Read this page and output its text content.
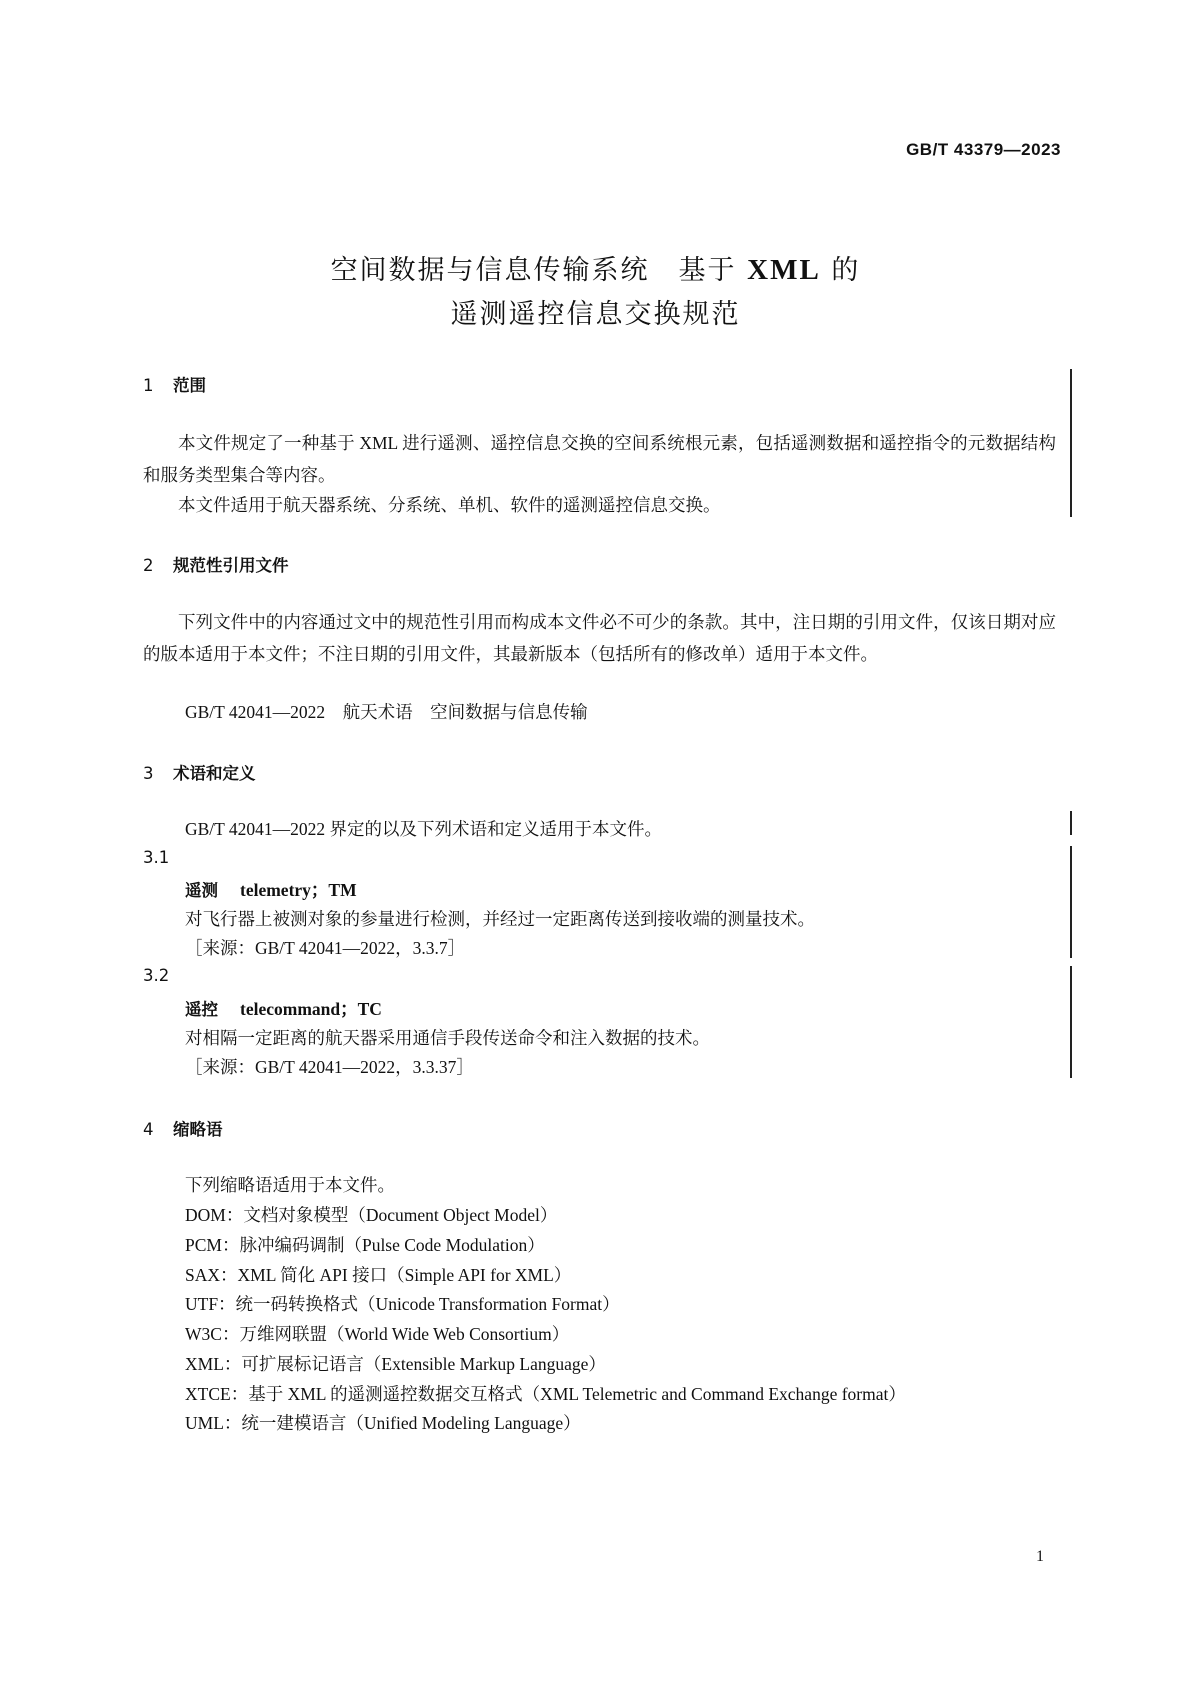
GB/T 43379—2023
空间数据与信息传输系统　基于 XML 的
遥测遥控信息交换规范
1 范围
本文件规定了一种基于 XML 进行遥测、遥控信息交换的空间系统根元素，包括遥测数据和遥控指令的元数据结构和服务类型集合等内容。
本文件适用于航天器系统、分系统、单机、软件的遥测遥控信息交换。
2 规范性引用文件
下列文件中的内容通过文中的规范性引用而构成本文件必不可少的条款。其中，注日期的引用文件，仅该日期对应的版本适用于本文件；不注日期的引用文件，其最新版本（包括所有的修改单）适用于本文件。
GB/T 42041—2022　航天术语　空间数据与信息传输
3 术语和定义
GB/T 42041—2022 界定的以及下列术语和定义适用于本文件。
3.1
遥测 telemetry；TM
对飞行器上被测对象的参量进行检测，并经过一定距离传送到接收端的测量技术。
［来源：GB/T 42041—2022，3.3.7］
3.2
遥控 telecommand；TC
对相隔一定距离的航天器采用通信手段传送命令和注入数据的技术。
［来源：GB/T 42041—2022，3.3.37］
4 缩略语
下列缩略语适用于本文件。
DOM：文档对象模型（Document Object Model）
PCM：脉冲编码调制（Pulse Code Modulation）
SAX：XML 简化 API 接口（Simple API for XML）
UTF：统一码转换格式（Unicode Transformation Format）
W3C：万维网联盟（World Wide Web Consortium）
XML：可扩展标记语言（Extensible Markup Language）
XTCE：基于 XML 的遥测遥控数据交互格式（XML Telemetric and Command Exchange format）
UML：统一建模语言（Unified Modeling Language）
1
